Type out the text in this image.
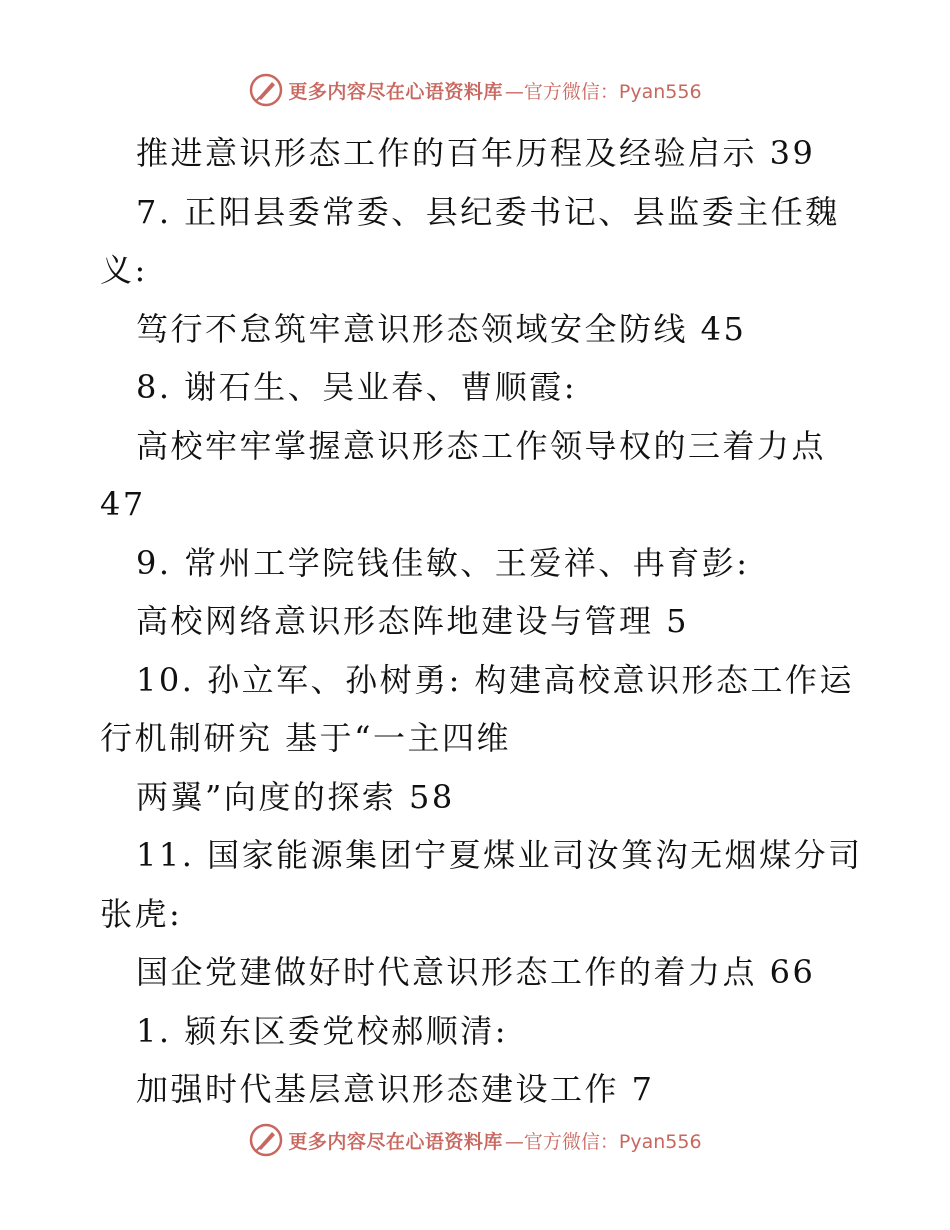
更多内容尽在心语资料库 —官方微信：Pyan556
推进意识形态工作的百年历程及经验启示 39
7. 正阳县委常委、县纪委书记、县监委主任魏
义:
笃行不怠筑牢意识形态领域安全防线 45
8. 谢石生、吴业春、曹顺霞:
高校牢牢掌握意识形态工作领导权的三着力点
47
9. 常州工学院钱佳敏、王爱祥、冉育彭:
高校网络意识形态阵地建设与管理 5
10. 孙立军、孙树勇: 构建高校意识形态工作运
行机制研究 基于“一主四维
两翼”向度的探索 58
11. 国家能源集团宁夏煤业司汝箕沟无烟煤分司
张虎:
国企党建做好时代意识形态工作的着力点 66
1. 颍东区委党校郝顺清:
加强时代基层意识形态建设工作 7
更多内容尽在心语资料库 —官方微信：Pyan556
